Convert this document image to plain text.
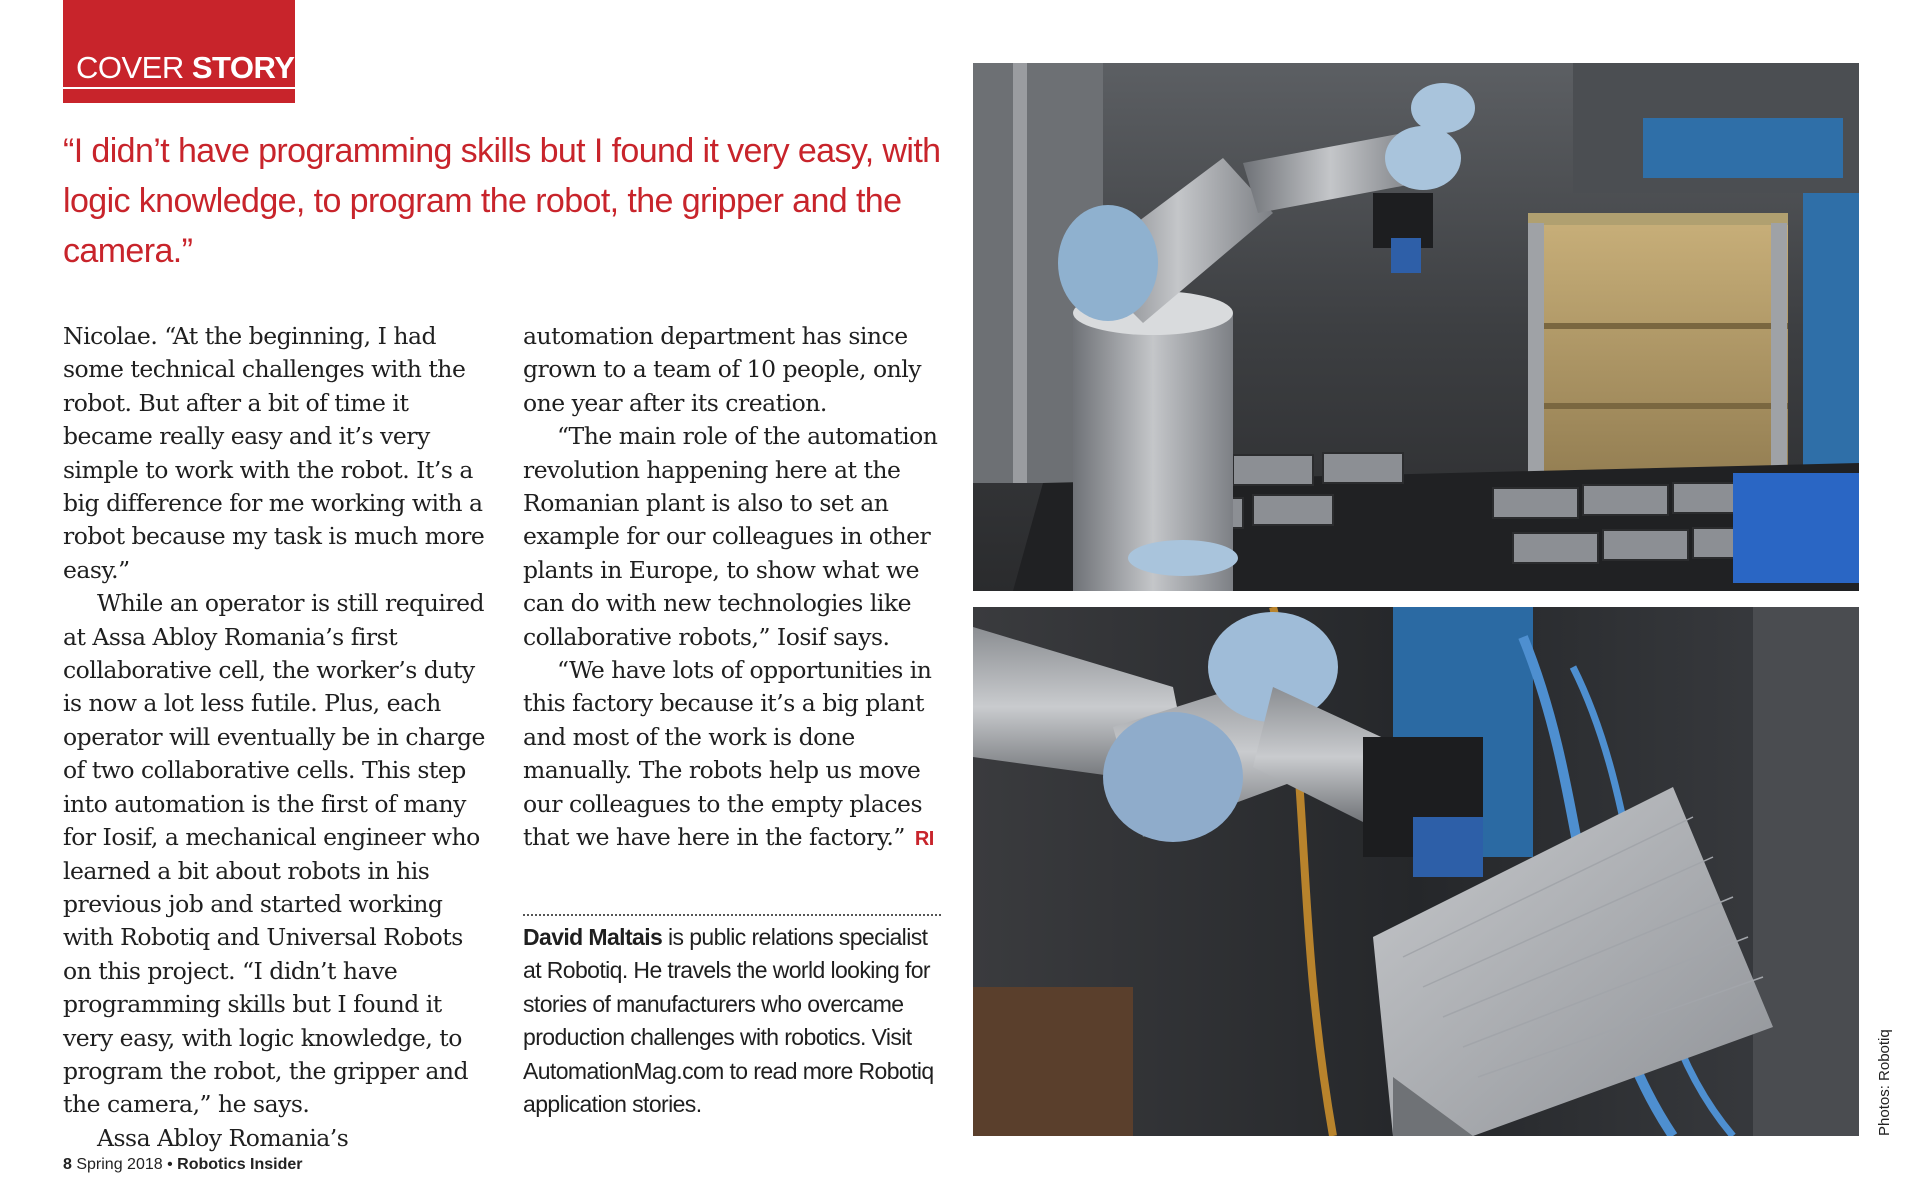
COVER STORY
“I didn’t have programming skills but I found it very easy, with logic knowledge, to program the robot, the gripper and the camera.”

Nicolae. “At the beginning, I had some technical challenges with the robot. But after a bit of time it became really easy and it’s very simple to work with the robot. It’s a big difference for me working with a robot because my task is much more easy.”

While an operator is still required at Assa Abloy Romania’s first collaborative cell, the worker’s duty is now a lot less futile. Plus, each operator will eventually be in charge of two collaborative cells. This step into automation is the first of many for Iosif, a mechanical engineer who learned a bit about robots in his previous job and started working with Robotiq and Universal Robots on this project. “I didn’t have programming skills but I found it very easy, with logic knowledge, to program the robot, the gripper and the camera,” he says.

Assa Abloy Romania’s

automation department has since grown to a team of 10 people, only one year after its creation.

“The main role of the automation revolution happening here at the Romanian plant is also to set an example for our colleagues in other plants in Europe, to show what we can do with new technologies like collaborative robots,” Iosif says.

“We have lots of opportunities in this factory because it’s a big plant and most of the work is done manually. The robots help us move our colleagues to the empty places that we have here in the factory.” RI

David Maltais is public relations specialist at Robotiq. He travels the world looking for stories of manufacturers who overcame production challenges with robotics. Visit AutomationMag.com to read more Robotiq application stories.
8 Spring 2018 • Robotics Insider
Photos: Robotiq
